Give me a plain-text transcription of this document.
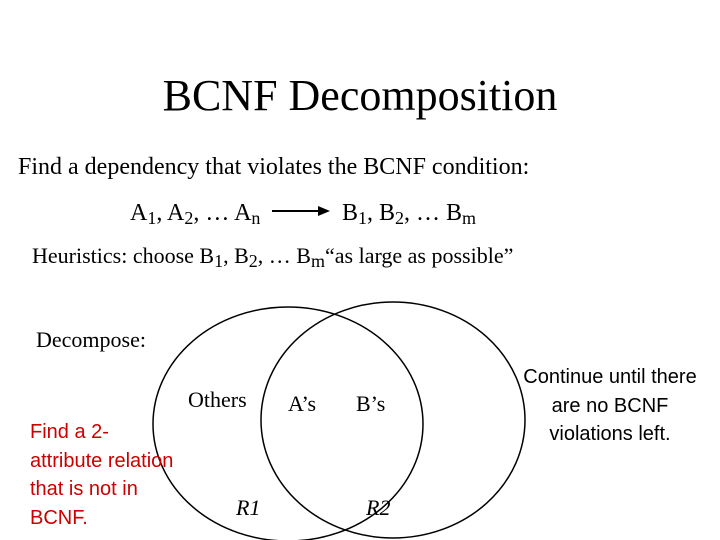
BCNF Decomposition
Find a dependency that violates the BCNF condition:
$A_1$, $A_2$, … $A_n$	$B_1$, $B_2$, … $B_m$
Heuristics: choose $B_1$, $B_2$, … $B_m“as$ large as possible”
Decompose:
Others A’s B’s
R1	R2
Find a 2-attribute relation that is not in BCNF.
Continue until there are no BCNF violations left.
